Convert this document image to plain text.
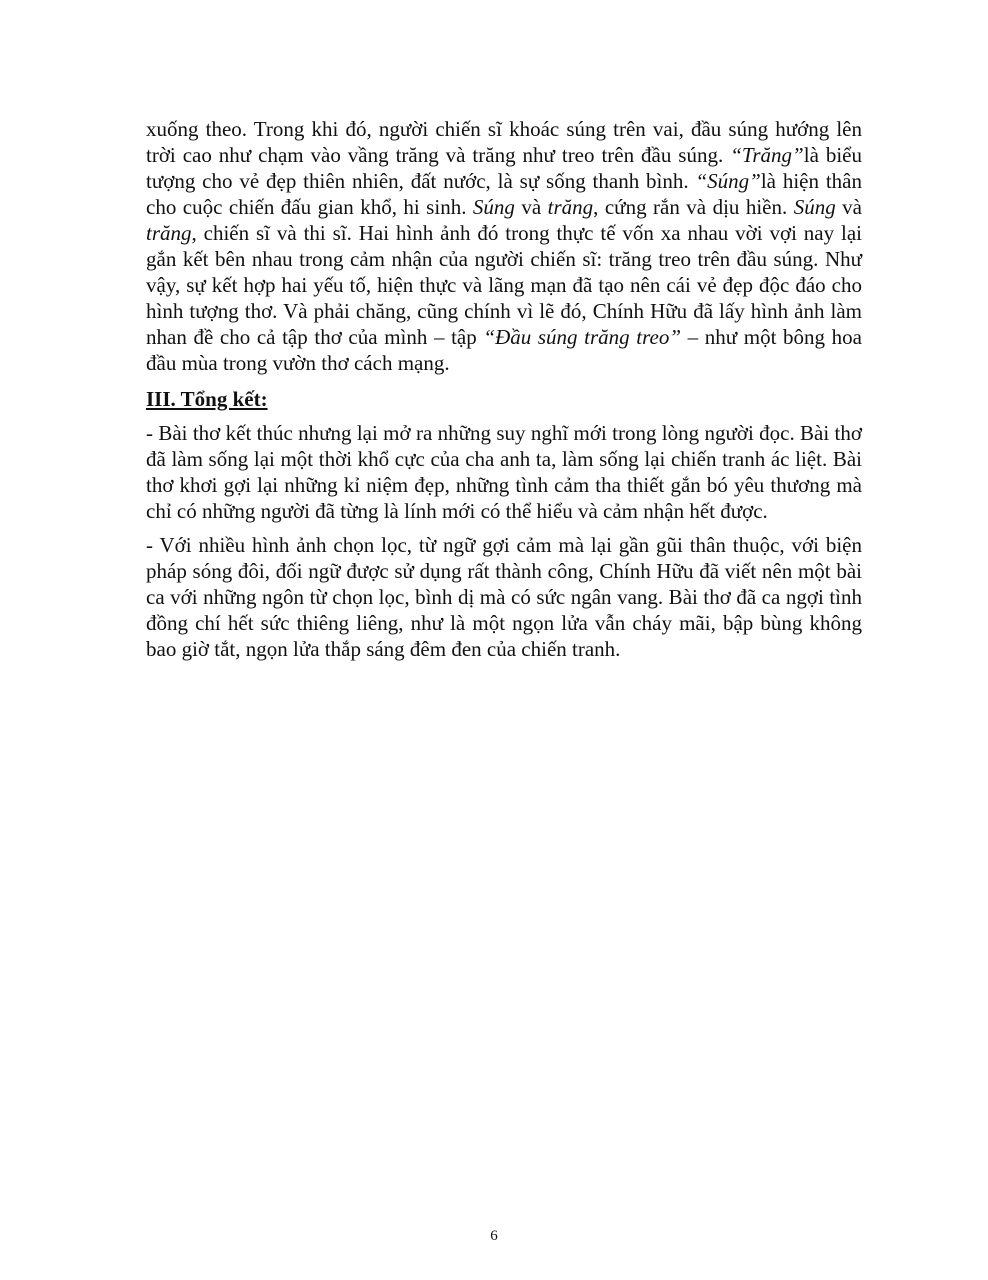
xuống theo. Trong khi đó, người chiến sĩ khoác súng trên vai, đầu súng hướng lên trời cao như chạm vào vầng trăng và trăng như treo trên đầu súng. “Trăng”là biểu tượng cho vẻ đẹp thiên nhiên, đất nước, là sự sống thanh bình. “Súng”là hiện thân cho cuộc chiến đấu gian khổ, hi sinh. Súng và trăng, cứng rắn và dịu hiền. Súng và trăng, chiến sĩ và thi sĩ. Hai hình ảnh đó trong thực tế vốn xa nhau vời vợi nay lại gắn kết bên nhau trong cảm nhận của người chiến sĩ: trăng treo trên đầu súng. Như vậy, sự kết hợp hai yếu tố, hiện thực và lãng mạn đã tạo nên cái vẻ đẹp độc đáo cho hình tượng thơ. Và phải chăng, cũng chính vì lẽ đó, Chính Hữu đã lấy hình ảnh làm nhan đề cho cả tập thơ của mình – tập “Đầu súng trăng treo” – như một bông hoa đầu mùa trong vườn thơ cách mạng.

III. Tổng kết:

- Bài thơ kết thúc nhưng lại mở ra những suy nghĩ mới trong lòng người đọc. Bài thơ đã làm sống lại một thời khổ cực của cha anh ta, làm sống lại chiến tranh ác liệt. Bài thơ khơi gợi lại những kỉ niệm đẹp, những tình cảm tha thiết gắn bó yêu thương mà chỉ có những người đã từng là lính mới có thể hiểu và cảm nhận hết được.

- Với nhiều hình ảnh chọn lọc, từ ngữ gợi cảm mà lại gần gũi thân thuộc, với biện pháp sóng đôi, đối ngữ được sử dụng rất thành công, Chính Hữu đã viết nên một bài ca với những ngôn từ chọn lọc, bình dị mà có sức ngân vang. Bài thơ đã ca ngợi tình đồng chí hết sức thiêng liêng, như là một ngọn lửa vẫn cháy mãi, bập bùng không bao giờ tắt, ngọn lửa thắp sáng đêm đen của chiến tranh.

6
